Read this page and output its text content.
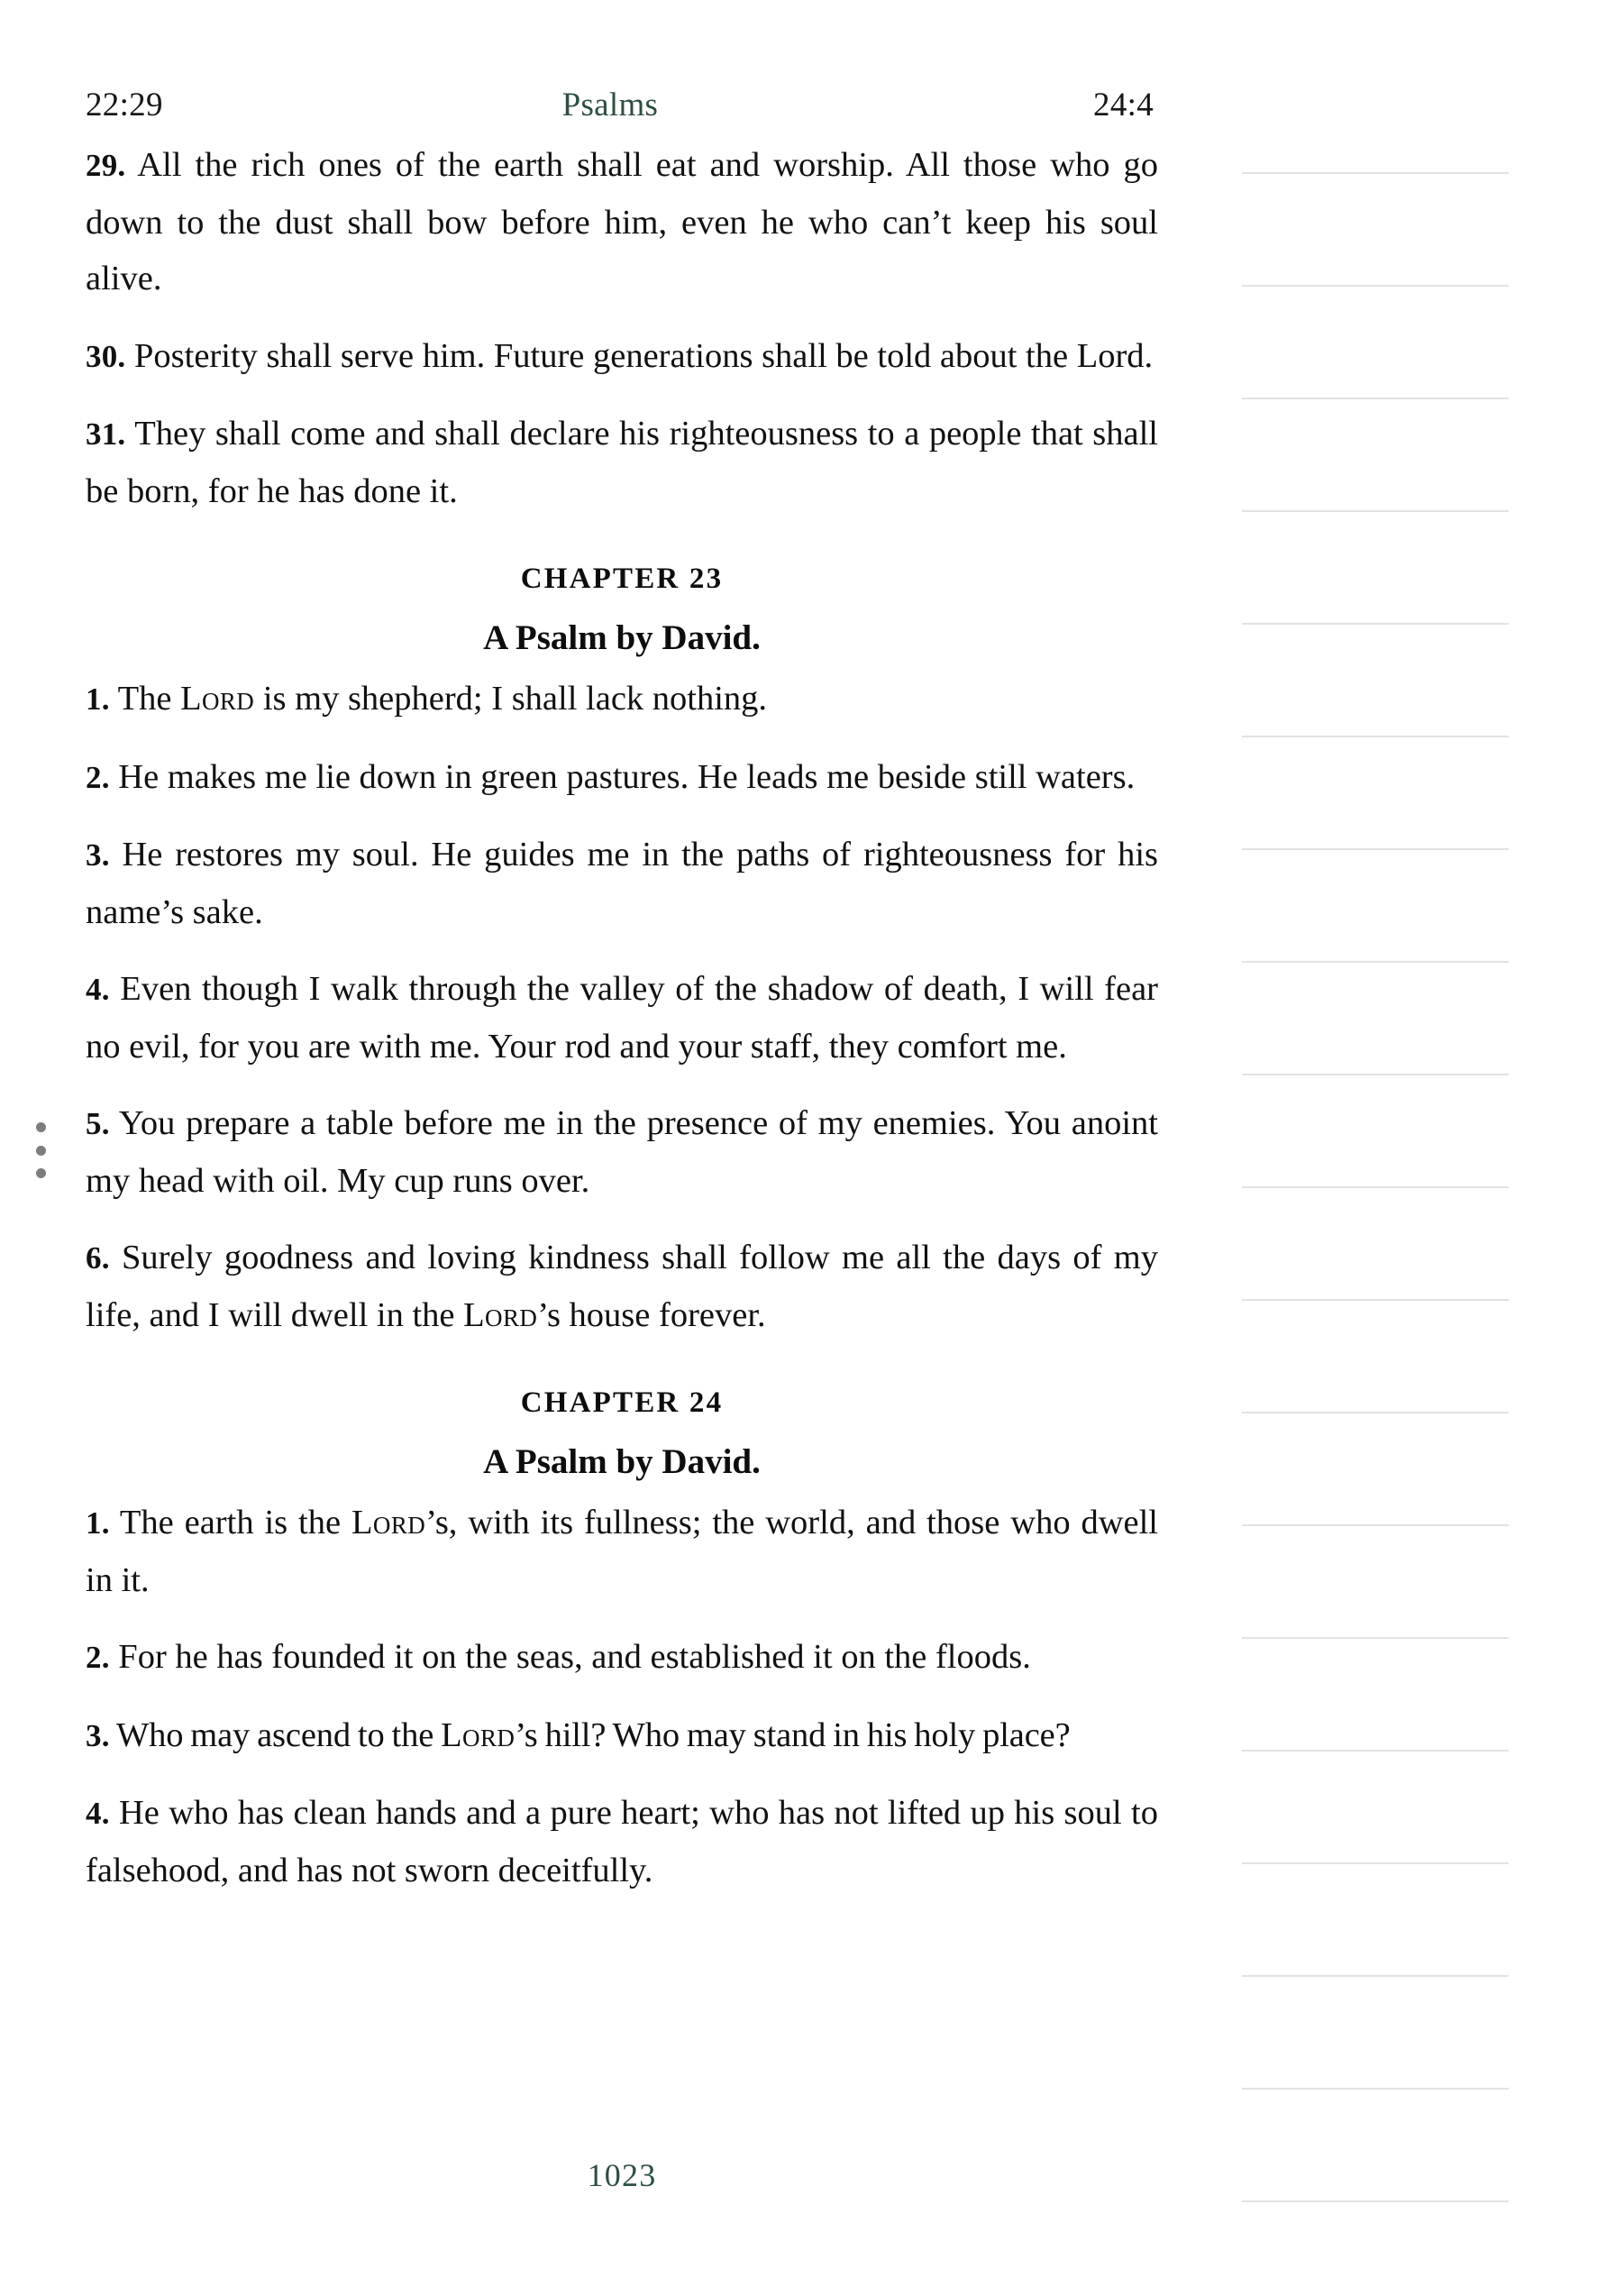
22:29	Psalms	24:4

29. All the rich ones of the earth shall eat and worship. All those who go down to the dust shall bow before him, even he who can’t keep his soul alive.

30. Posterity shall serve him. Future generations shall be told about the Lord.

31. They shall come and shall declare his righteousness to a people that shall be born, for he has done it.

CHAPTER 23
A Psalm by David.

1. The Lord is my shepherd; I shall lack nothing.

2. He makes me lie down in green pastures. He leads me beside still waters.

3. He restores my soul. He guides me in the paths of righteousness for his name’s sake.

4. Even though I walk through the valley of the shadow of death, I will fear no evil, for you are with me. Your rod and your staff, they comfort me.

5. You prepare a table before me in the presence of my enemies. You anoint my head with oil. My cup runs over.

6. Surely goodness and loving kindness shall follow me all the days of my life, and I will dwell in the Lord’s house forever.

CHAPTER 24
A Psalm by David.

1. The earth is the Lord’s, with its fullness; the world, and those who dwell in it.

2. For he has founded it on the seas, and established it on the floods.

3. Who may ascend to the Lord’s hill? Who may stand in his holy place?

4. He who has clean hands and a pure heart; who has not lifted up his soul to falsehood, and has not sworn deceitfully.

1023
